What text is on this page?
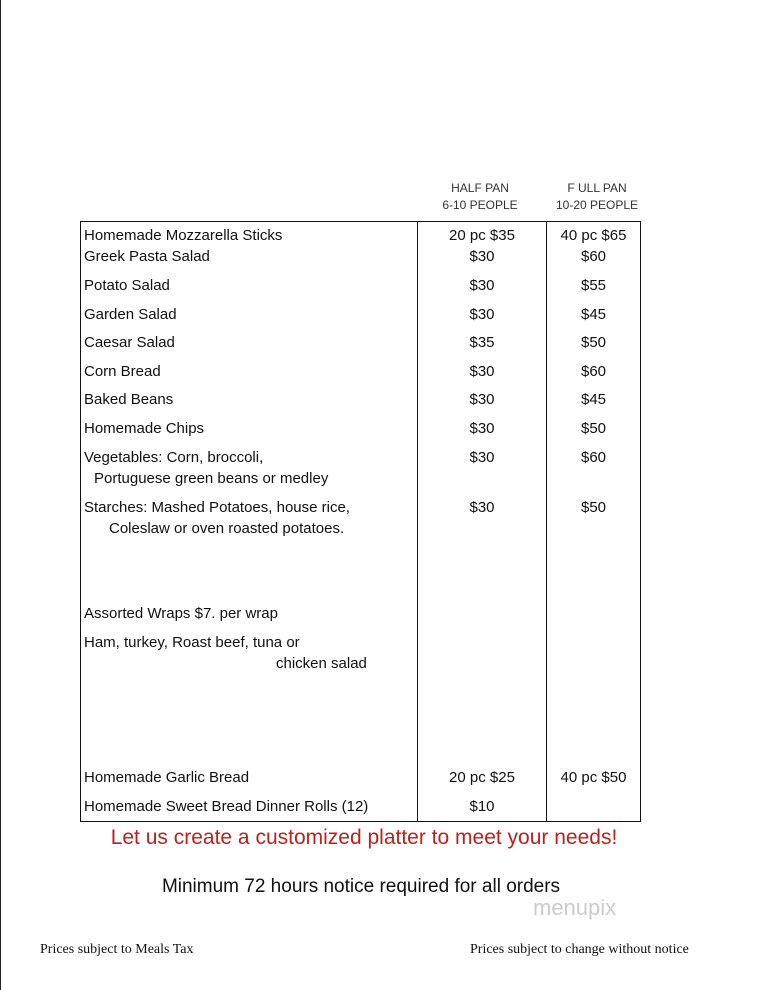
HALF PAN
6-10 PEOPLE
F ULL PAN
10-20 PEOPLE
Homemade Mozzarella Sticks	20 pc $35	40 pc $65
Greek Pasta Salad	$30	$60
Potato Salad	$30	$55
Garden Salad	$30	$45
Caesar Salad	$35	$50
Corn Bread	$30	$60
Baked Beans	$30	$45
Homemade Chips	$30	$50
Vegetables: Corn, broccoli,
Portuguese green beans or medley
$30	$60
Starches: Mashed Potatoes, house rice,
Coleslaw or oven roasted potatoes.
$30	$50
Assorted Wraps $7. per wrap
Ham, turkey, Roast beef, tuna or
chicken salad
Homemade Garlic Bread	20 pc $25	40 pc $50
Homemade Sweet Bread Dinner Rolls (12)	$10
Let us create a customized platter to meet your needs!
Minimum 72 hours notice required for all orders
menupix
Prices subject to Meals Tax	Prices subject to change without notice
